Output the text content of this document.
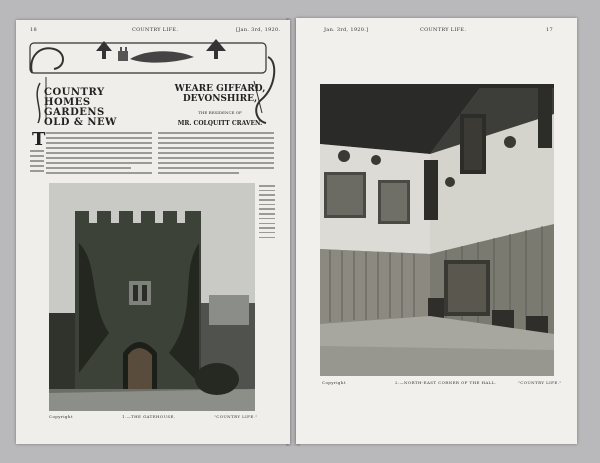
18	COUNTRY LIFE.	[Jan. 3rd, 1920.
COUNTRY
HOMES
GARDENS
OLD & NEW
WEARE GIFFARD,
DEVONSHIRE,
THE RESIDENCE OF
MR. COLQUITT CRAVEN.
T
Copyright	1.—THE GATEHOUSE.	"COUNTRY LIFE."
Jan. 3rd, 1920.]	COUNTRY LIFE.	17
Copyright	2.—NORTH-EAST CORNER OF THE HALL.	"COUNTRY LIFE."
